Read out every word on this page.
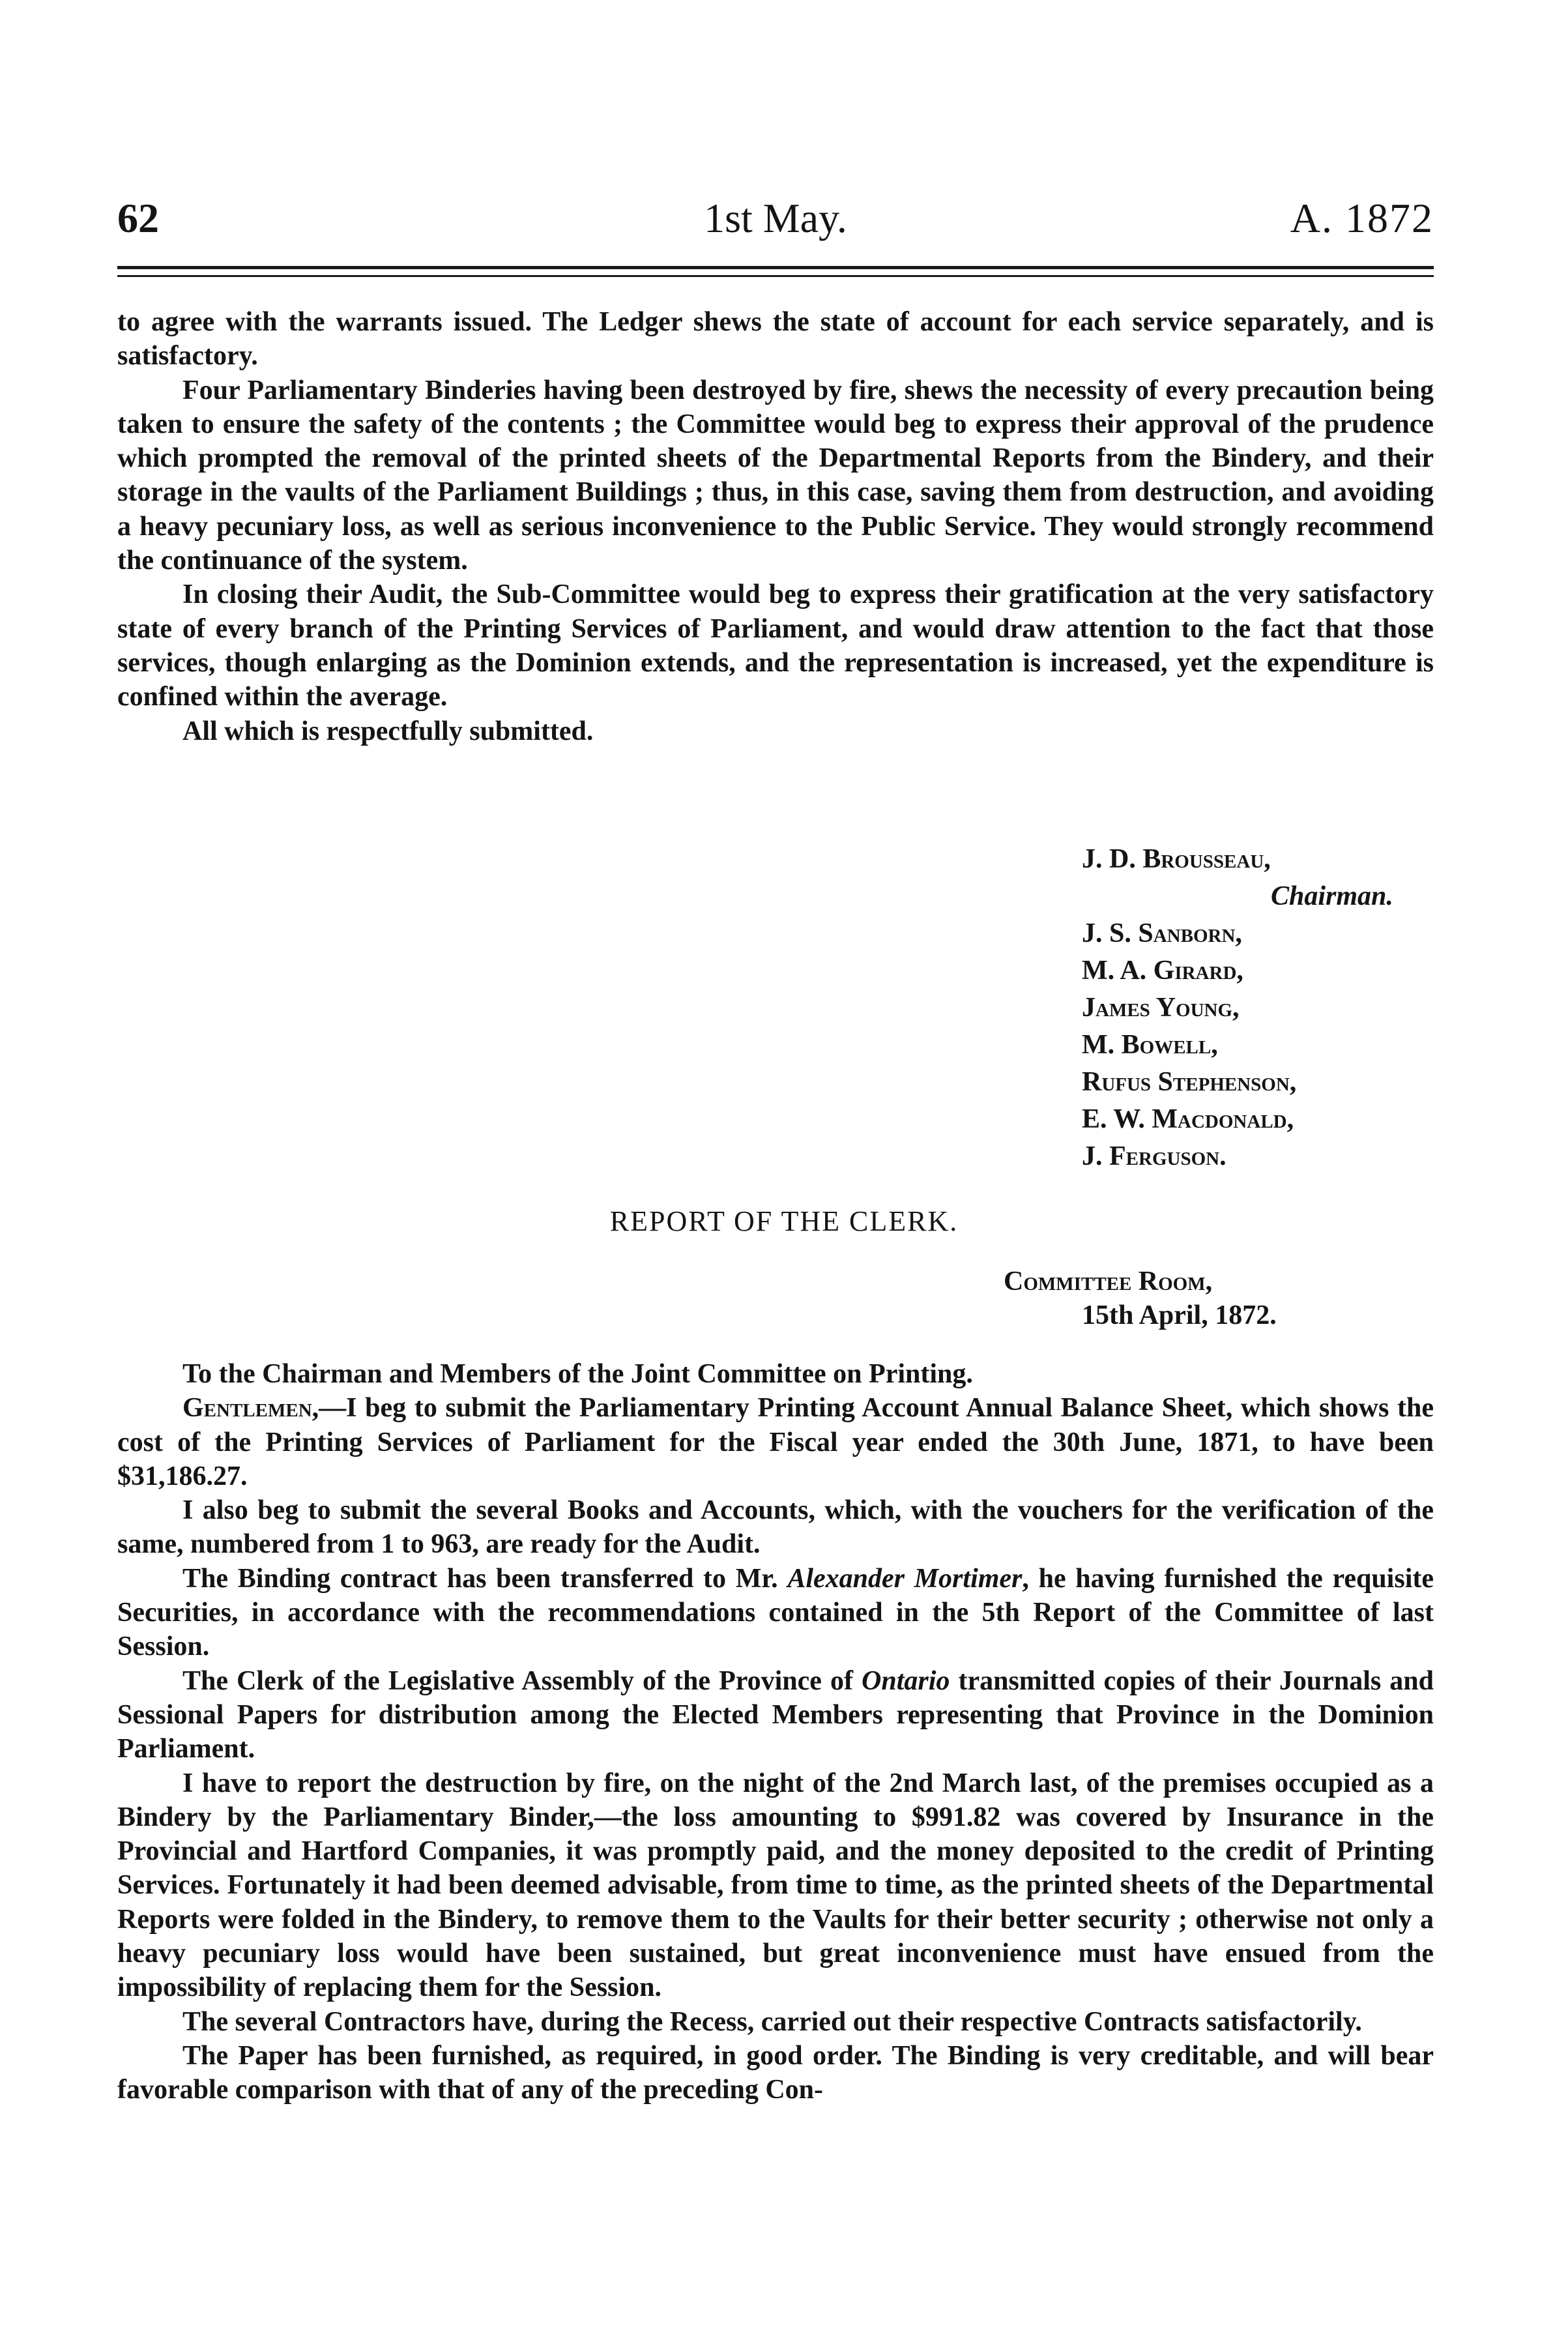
62	1st May.	A. 1872

to agree with the warrants issued. The Ledger shews the state of account for each service separately, and is satisfactory.

Four Parliamentary Binderies having been destroyed by fire, shews the necessity of every precaution being taken to ensure the safety of the contents ; the Committee would beg to express their approval of the prudence which prompted the removal of the printed sheets of the Departmental Reports from the Bindery, and their storage in the vaults of the Parliament Buildings ; thus, in this case, saving them from destruction, and avoiding a heavy pecuniary loss, as well as serious inconvenience to the Public Service. They would strongly recommend the continuance of the system.

In closing their Audit, the Sub-Committee would beg to express their gratification at the very satisfactory state of every branch of the Printing Services of Parliament, and would draw attention to the fact that those services, though enlarging as the Dominion extends, and the representation is increased, yet the expenditure is confined within the average.

All which is respectfully submitted.

J. D. Brousseau,
Chairman.
J. S. Sanborn,
M. A. Girard,
James Young,
M. Bowell,
Rufus Stephenson,
E. W. Macdonald,
J. Ferguson.
REPORT OF THE CLERK.
Committee Room,
15th April, 1872.

To the Chairman and Members of the Joint Committee on Printing.

Gentlemen,—I beg to submit the Parliamentary Printing Account Annual Balance Sheet, which shows the cost of the Printing Services of Parliament for the Fiscal year ended the 30th June, 1871, to have been $31,186.27.

I also beg to submit the several Books and Accounts, which, with the vouchers for the verification of the same, numbered from 1 to 963, are ready for the Audit.

The Binding contract has been transferred to Mr. Alexander Mortimer, he having furnished the requisite Securities, in accordance with the recommendations contained in the 5th Report of the Committee of last Session.

The Clerk of the Legislative Assembly of the Province of Ontario transmitted copies of their Journals and Sessional Papers for distribution among the Elected Members representing that Province in the Dominion Parliament.

I have to report the destruction by fire, on the night of the 2nd March last, of the premises occupied as a Bindery by the Parliamentary Binder,—the loss amounting to $991.82 was covered by Insurance in the Provincial and Hartford Companies, it was promptly paid, and the money deposited to the credit of Printing Services. Fortunately it had been deemed advisable, from time to time, as the printed sheets of the Departmental Reports were folded in the Bindery, to remove them to the Vaults for their better security ; otherwise not only a heavy pecuniary loss would have been sustained, but great inconvenience must have ensued from the impossibility of replacing them for the Session.

The several Contractors have, during the Recess, carried out their respective Contracts satisfactorily.

The Paper has been furnished, as required, in good order. The Binding is very creditable, and will bear favorable comparison with that of any of the preceding Con-
